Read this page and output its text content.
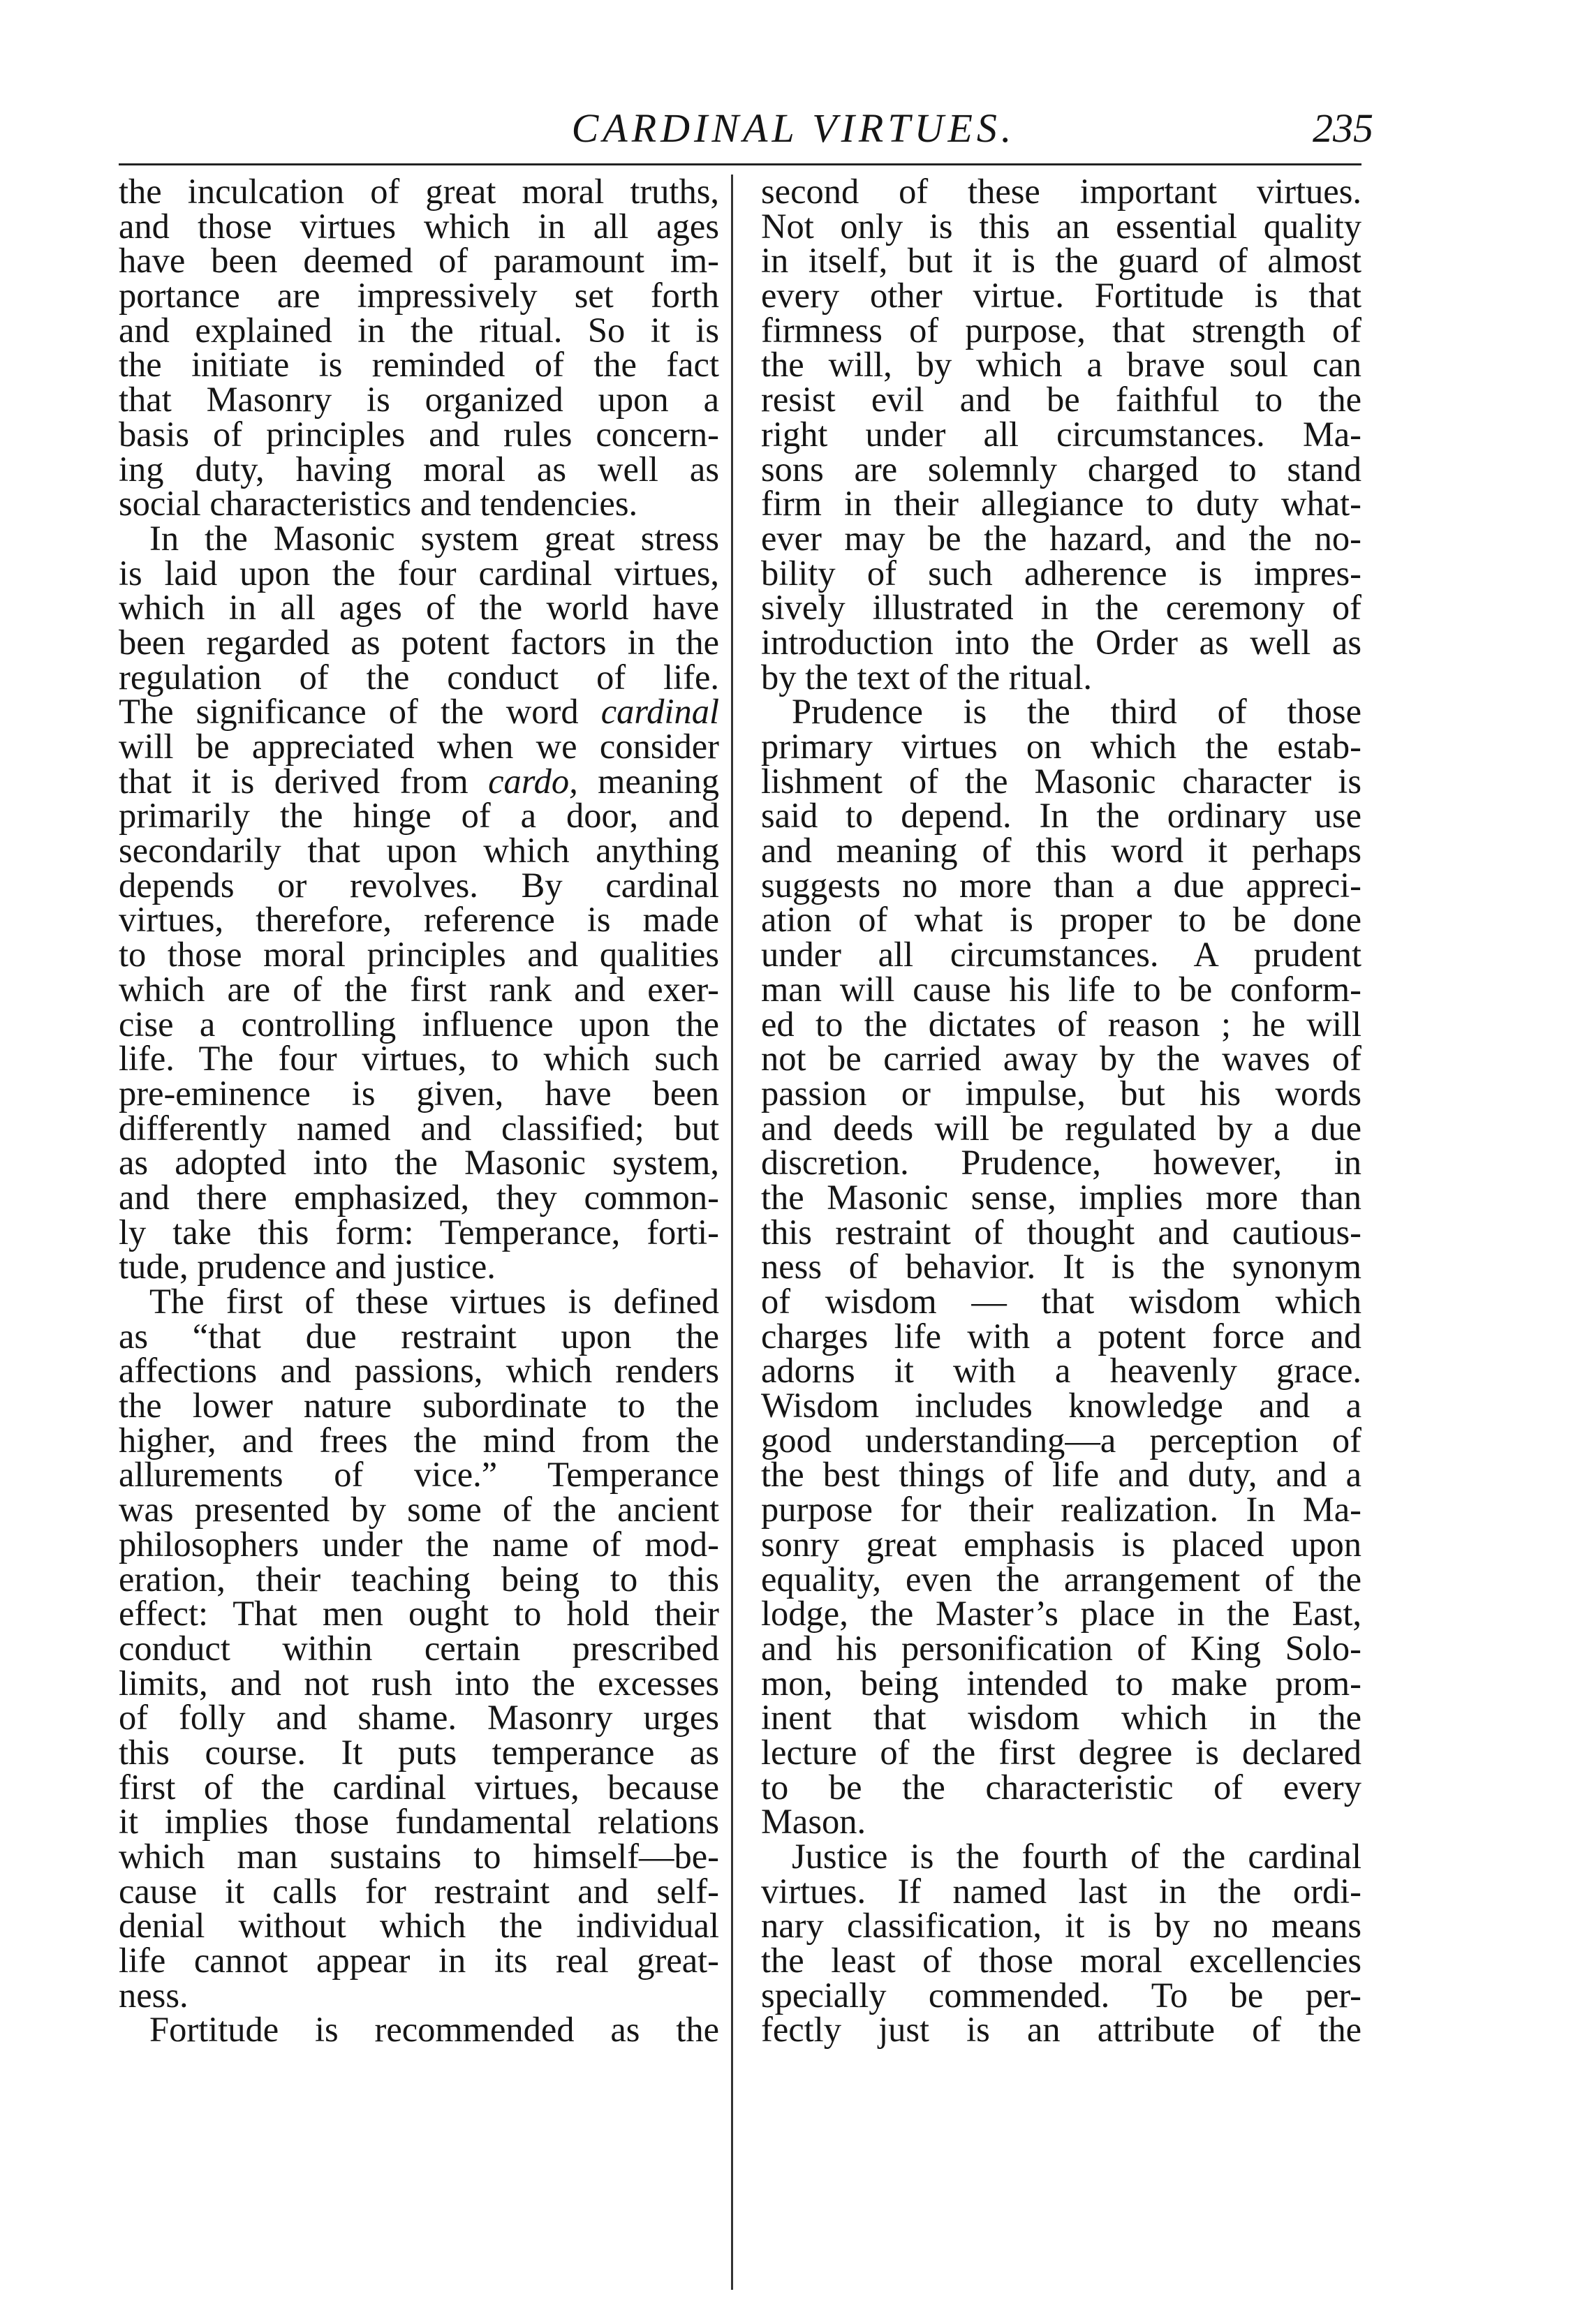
CARDINAL VIRTUES.	235
the inculcation of great moral truths,
and those virtues which in all ages
have been deemed of paramount im-
portance are impressively set forth
and explained in the ritual. So it is
the initiate is reminded of the fact
that Masonry is organized upon a
basis of principles and rules concern-
ing duty, having moral as well as
social characteristics and tendencies.
In the Masonic system great stress
is laid upon the four cardinal virtues,
which in all ages of the world have
been regarded as potent factors in the
regulation of the conduct of life.
The significance of the word cardinal
will be appreciated when we consider
that it is derived from cardo, meaning
primarily the hinge of a door, and
secondarily that upon which anything
depends or revolves. By cardinal
virtues, therefore, reference is made
to those moral principles and qualities
which are of the first rank and exer-
cise a controlling influence upon the
life. The four virtues, to which such
pre-eminence is given, have been
differently named and classified; but
as adopted into the Masonic system,
and there emphasized, they common-
ly take this form: Temperance, forti-
tude, prudence and justice.
The first of these virtues is defined
as “that due restraint upon the
affections and passions, which renders
the lower nature subordinate to the
higher, and frees the mind from the
allurements of vice.” Temperance
was presented by some of the ancient
philosophers under the name of mod-
eration, their teaching being to this
effect: That men ought to hold their
conduct within certain prescribed
limits, and not rush into the excesses
of folly and shame. Masonry urges
this course. It puts temperance as
first of the cardinal virtues, because
it implies those fundamental relations
which man sustains to himself—be-
cause it calls for restraint and self-
denial without which the individual
life cannot appear in its real great-
ness.
Fortitude is recommended as the
second of these important virtues.
Not only is this an essential quality
in itself, but it is the guard of almost
every other virtue. Fortitude is that
firmness of purpose, that strength of
the will, by which a brave soul can
resist evil and be faithful to the
right under all circumstances. Ma-
sons are solemnly charged to stand
firm in their allegiance to duty what-
ever may be the hazard, and the no-
bility of such adherence is impres-
sively illustrated in the ceremony of
introduction into the Order as well as
by the text of the ritual.
Prudence is the third of those
primary virtues on which the estab-
lishment of the Masonic character is
said to depend. In the ordinary use
and meaning of this word it perhaps
suggests no more than a due appreci-
ation of what is proper to be done
under all circumstances. A prudent
man will cause his life to be conform-
ed to the dictates of reason ; he will
not be carried away by the waves of
passion or impulse, but his words
and deeds will be regulated by a due
discretion. Prudence, however, in
the Masonic sense, implies more than
this restraint of thought and cautious-
ness of behavior. It is the synonym
of wisdom — that wisdom which
charges life with a potent force and
adorns it with a heavenly grace.
Wisdom includes knowledge and a
good understanding—a perception of
the best things of life and duty, and a
purpose for their realization. In Ma-
sonry great emphasis is placed upon
equality, even the arrangement of the
lodge, the Master’s place in the East,
and his personification of King Solo-
mon, being intended to make prom-
inent that wisdom which in the
lecture of the first degree is declared
to be the characteristic of every
Mason.
Justice is the fourth of the cardinal
virtues. If named last in the ordi-
nary classification, it is by no means
the least of those moral excellencies
specially commended. To be per-
fectly just is an attribute of the
